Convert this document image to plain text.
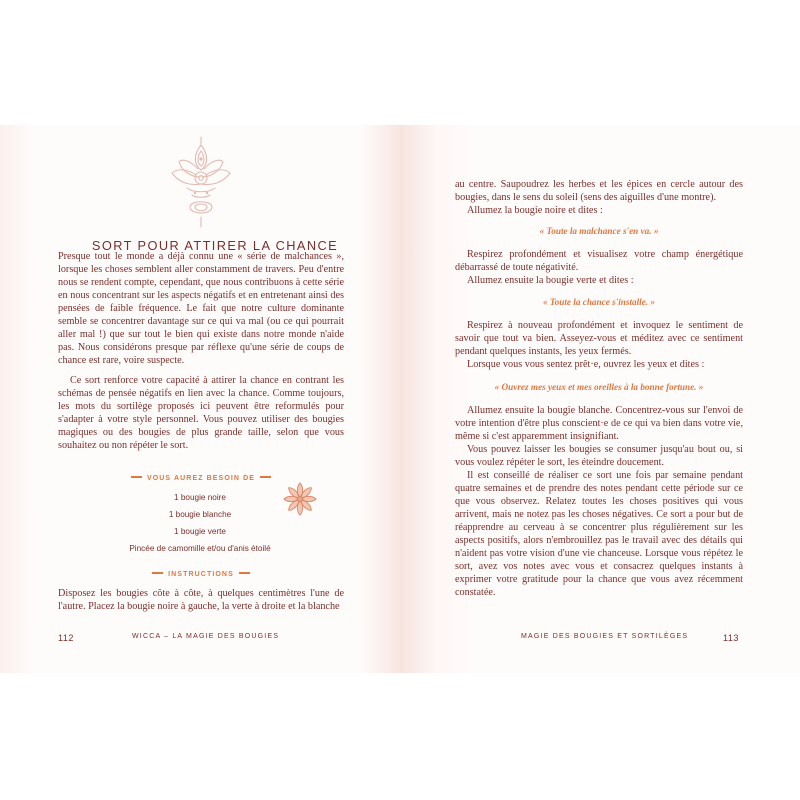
SORT POUR ATTIRER LA CHANCE

Presque tout le monde a déjà connu une « série de malchances », lorsque les choses semblent aller constamment de travers. Peu d'entre nous se rendent compte, cependant, que nous contribuons à cette série en nous concentrant sur les aspects négatifs et en entretenant ainsi des pensées de faible fréquence. Le fait que notre culture dominante semble se concentrer davantage sur ce qui va mal (ou ce qui pourrait aller mal !) que sur tout le bien qui existe dans notre monde n'aide pas. Nous considérons presque par réflexe qu'une série de coups de chance est rare, voire suspecte.

Ce sort renforce votre capacité à attirer la chance en contrant les schémas de pensée négatifs en lien avec la chance. Comme toujours, les mots du sortilège proposés ici peuvent être reformulés pour s'adapter à votre style personnel. Vous pouvez utiliser des bougies magiques ou des bougies de plus grande taille, selon que vous souhaitez ou non répéter le sort.

VOUS AUREZ BESOIN DE
1 bougie noire
1 bougie blanche
1 bougie verte
Pincée de camomille et/ou d'anis étoilé
INSTRUCTIONS

Disposez les bougies côte à côte, à quelques centimètres l'une de l'autre. Placez la bougie noire à gauche, la verte à droite et la blanche

112	WICCA – LA MAGIE DES BOUGIES

au centre. Saupoudrez les herbes et les épices en cercle autour des bougies, dans le sens du soleil (sens des aiguilles d'une montre).

Allumez la bougie noire et dites :

« Toute la malchance s'en va. »

Respirez profondément et visualisez votre champ énergétique débarrassé de toute négativité.

Allumez ensuite la bougie verte et dites :

« Toute la chance s'installe. »

Respirez à nouveau profondément et invoquez le sentiment de savoir que tout va bien. Asseyez-vous et méditez avec ce sentiment pendant quelques instants, les yeux fermés.

Lorsque vous vous sentez prêt·e, ouvrez les yeux et dites :

« Ouvrez mes yeux et mes oreilles à la bonne fortune. »

Allumez ensuite la bougie blanche. Concentrez-vous sur l'envoi de votre intention d'être plus conscient·e de ce qui va bien dans votre vie, même si c'est apparemment insignifiant.

Vous pouvez laisser les bougies se consumer jusqu'au bout ou, si vous voulez répéter le sort, les éteindre doucement.

Il est conseillé de réaliser ce sort une fois par semaine pendant quatre semaines et de prendre des notes pendant cette période sur ce que vous observez. Relatez toutes les choses positives qui vous arrivent, mais ne notez pas les choses négatives. Ce sort a pour but de réapprendre au cerveau à se concentrer plus régulièrement sur les aspects positifs, alors n'embrouillez pas le travail avec des détails qui n'aident pas votre vision d'une vie chanceuse. Lorsque vous répétez le sort, avez vos notes avec vous et consacrez quelques instants à exprimer votre gratitude pour la chance que vous avez récemment constatée.

MAGIE DES BOUGIES ET SORTILÈGES	113
